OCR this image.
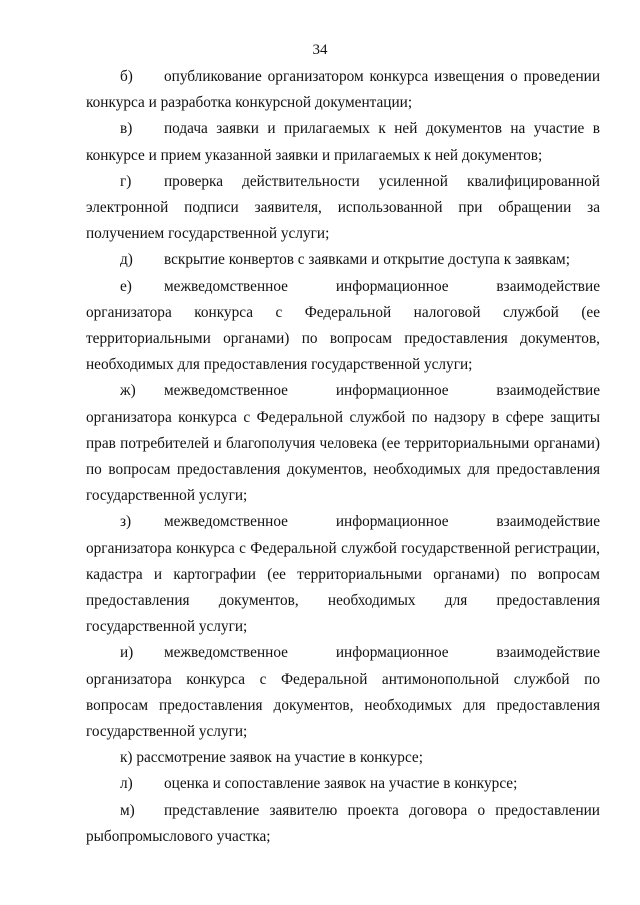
34

б) опубликование организатором конкурса извещения о проведении конкурса и разработка конкурсной документации;

в) подача заявки и прилагаемых к ней документов на участие в конкурсе и прием указанной заявки и прилагаемых к ней документов;

г) проверка действительности усиленной квалифицированной электронной подписи заявителя, использованной при обращении за получением государственной услуги;

д) вскрытие конвертов с заявками и открытие доступа к заявкам;

е) межведомственное информационное взаимодействие организатора конкурса с Федеральной налоговой службой (ее территориальными органами) по вопросам предоставления документов, необходимых для предоставления государственной услуги;

ж) межведомственное информационное взаимодействие организатора конкурса с Федеральной службой по надзору в сфере защиты прав потребителей и благополучия человека (ее территориальными органами) по вопросам предоставления документов, необходимых для предоставления государственной услуги;

з) межведомственное информационное взаимодействие организатора конкурса с Федеральной службой государственной регистрации, кадастра и картографии (ее территориальными органами) по вопросам предоставления документов, необходимых для предоставления государственной услуги;

и) межведомственное информационное взаимодействие организатора конкурса с Федеральной антимонопольной службой по вопросам предоставления документов, необходимых для предоставления государственной услуги;

к) рассмотрение заявок на участие в конкурсе;

л) оценка и сопоставление заявок на участие в конкурсе;

м) представление заявителю проекта договора о предоставлении рыбопромыслового участка;
